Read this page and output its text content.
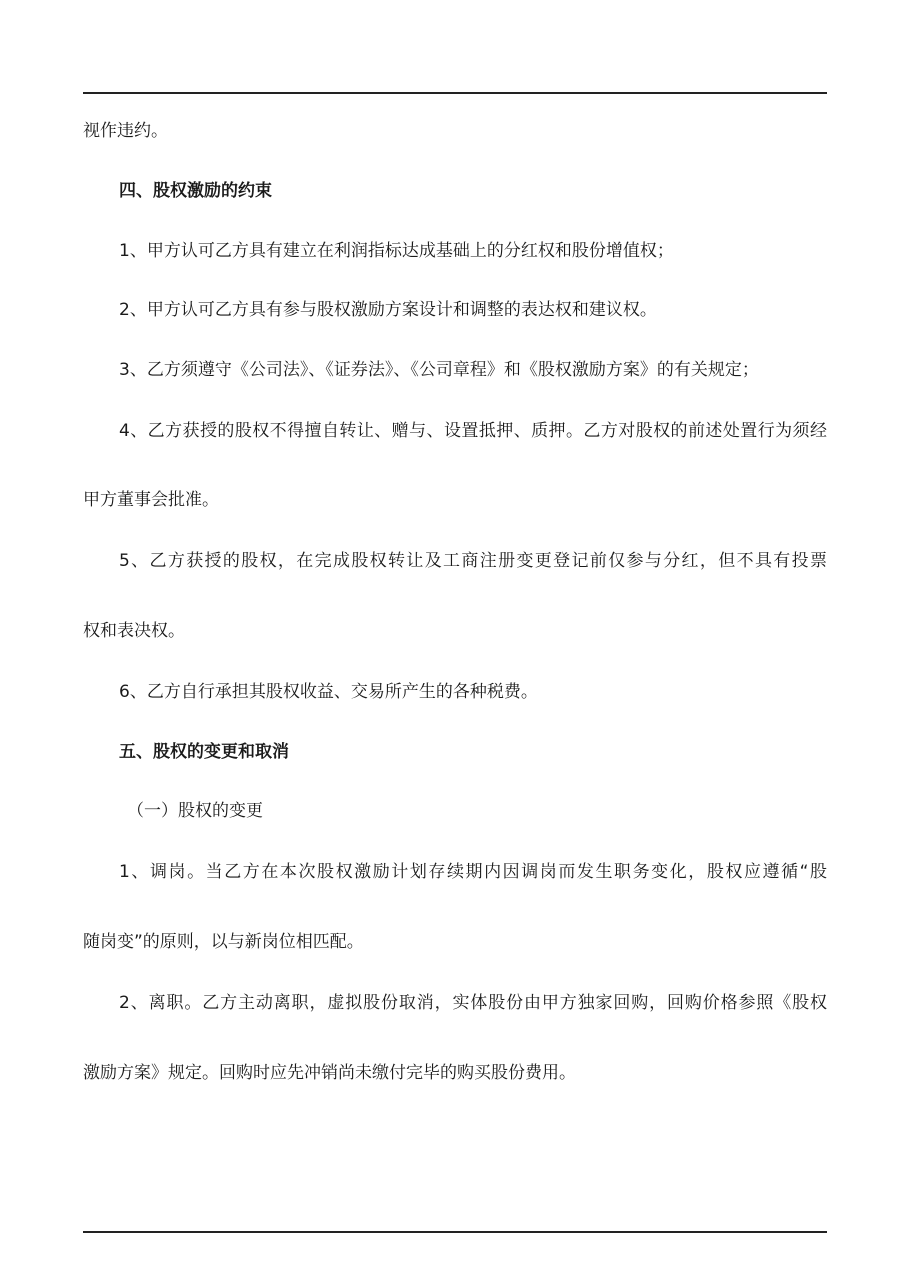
视作违约。
四、股权激励的约束
1、甲方认可乙方具有建立在利润指标达成基础上的分红权和股份增值权；
2、甲方认可乙方具有参与股权激励方案设计和调整的表达权和建议权。
3、乙方须遵守《公司法》、《证券法》、《公司章程》和《股权激励方案》的有关规定；
4、乙方获授的股权不得擅自转让、赠与、设置抵押、质押。乙方对股权的前述处置行为须经
甲方董事会批准。
5、乙方获授的股权，在完成股权转让及工商注册变更登记前仅参与分红，但不具有投票
权和表决权。
6、乙方自行承担其股权收益、交易所产生的各种税费。
五、股权的变更和取消
（一）股权的变更
1、调岗。当乙方在本次股权激励计划存续期内因调岗而发生职务变化，股权应遵循“股
随岗变”的原则，以与新岗位相匹配。
2、离职。乙方主动离职，虚拟股份取消，实体股份由甲方独家回购，回购价格参照《股权
激励方案》规定。回购时应先冲销尚未缴付完毕的购买股份费用。
